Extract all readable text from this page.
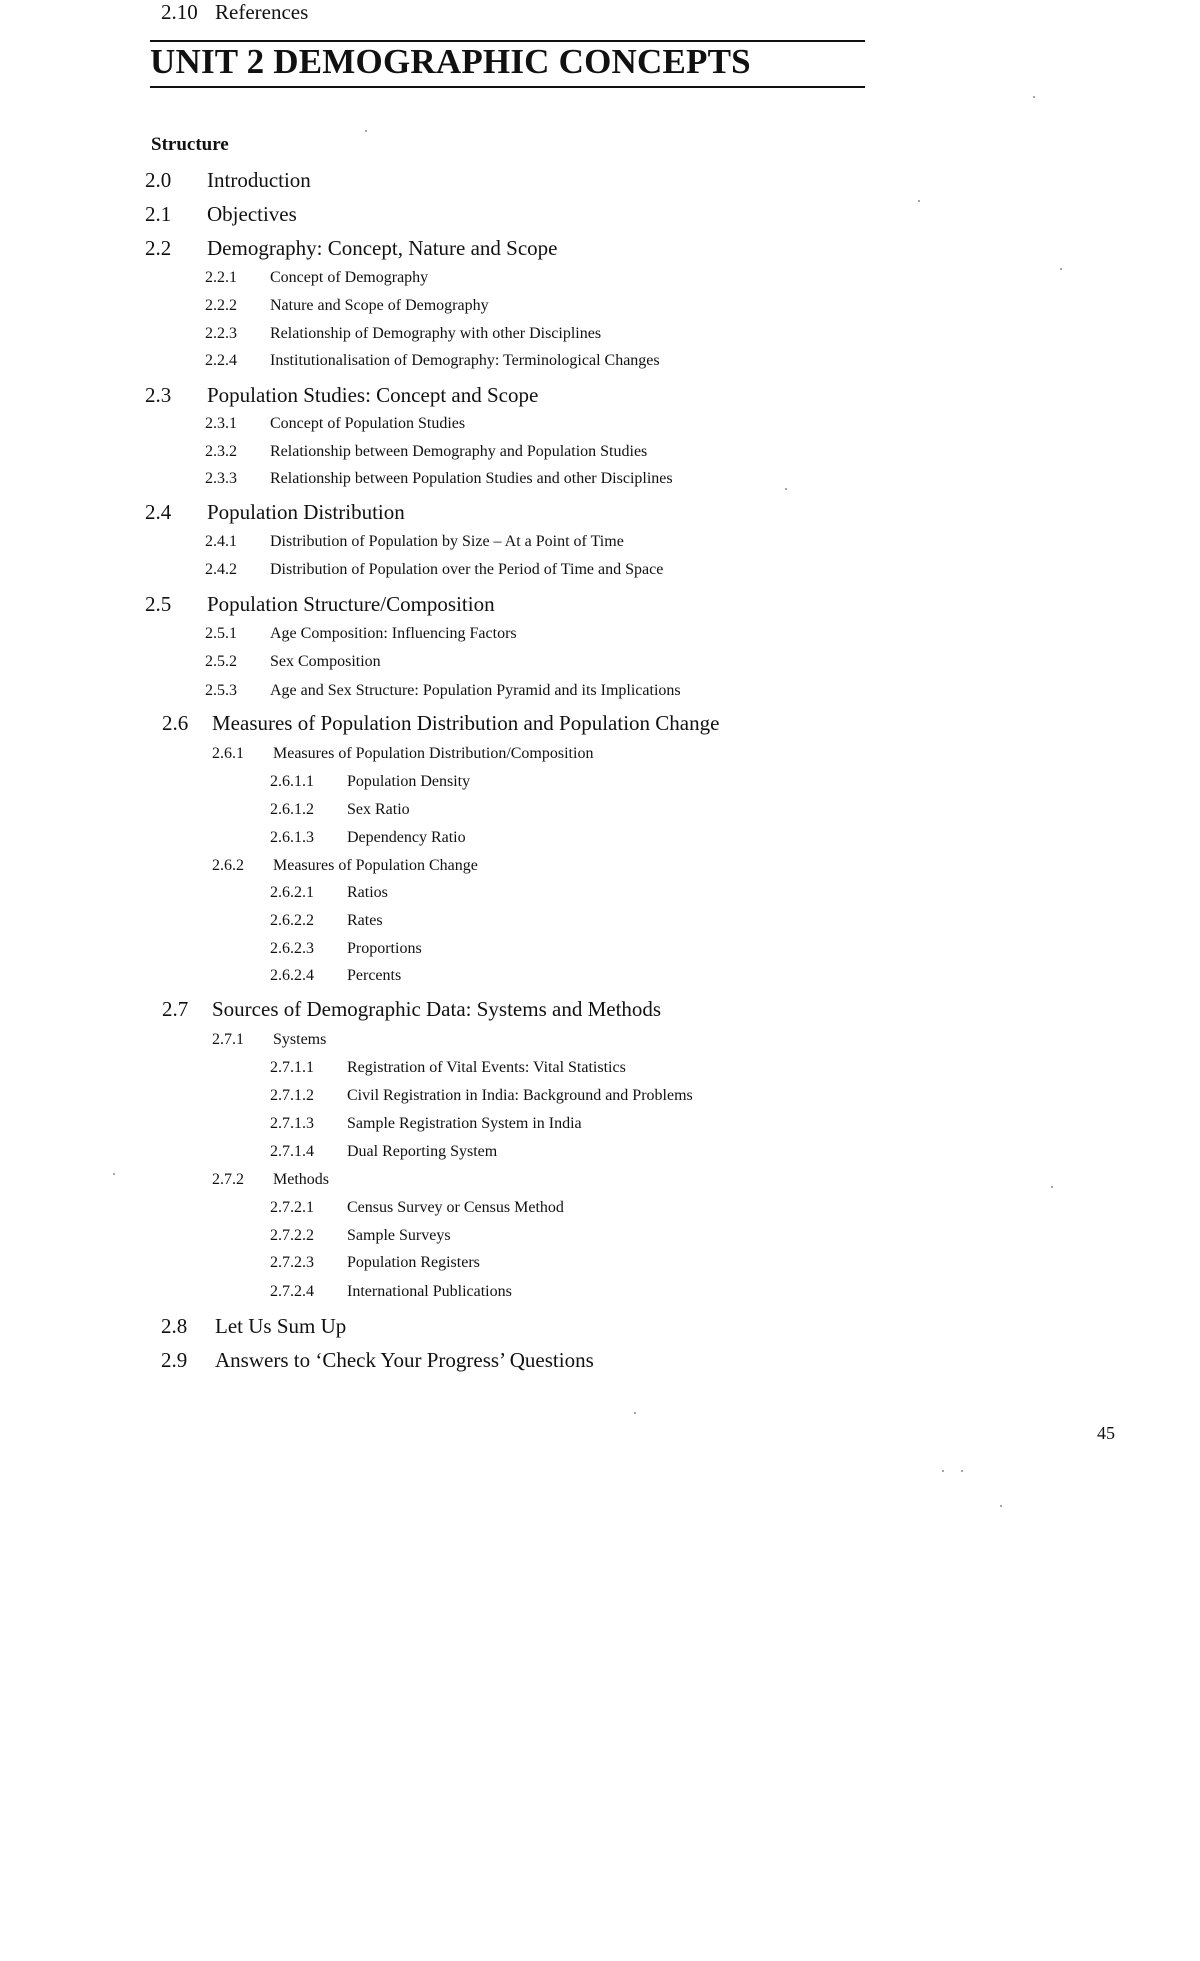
UNIT 2 DEMOGRAPHIC CONCEPTS
Structure
2.0 Introduction
2.1 Objectives
2.2 Demography: Concept, Nature and Scope
2.2.1 Concept of Demography
2.2.2 Nature and Scope of Demography
2.2.3 Relationship of Demography with other Disciplines
2.2.4 Institutionalisation of Demography: Terminological Changes
2.3 Population Studies: Concept and Scope
2.3.1 Concept of Population Studies
2.3.2 Relationship between Demography and Population Studies
2.3.3 Relationship between Population Studies and other Disciplines
2.4 Population Distribution
2.4.1 Distribution of Population by Size – At a Point of Time
2.4.2 Distribution of Population over the Period of Time and Space
2.5 Population Structure/Composition
2.5.1 Age Composition: Influencing Factors
2.5.2 Sex Composition
2.5.3 Age and Sex Structure: Population Pyramid and its Implications
2.6 Measures of Population Distribution and Population Change
2.6.1 Measures of Population Distribution/Composition
2.6.1.1 Population Density
2.6.1.2 Sex Ratio
2.6.1.3 Dependency Ratio
2.6.2 Measures of Population Change
2.6.2.1 Ratios
2.6.2.2 Rates
2.6.2.3 Proportions
2.6.2.4 Percents
2.7 Sources of Demographic Data: Systems and Methods
2.7.1 Systems
2.7.1.1 Registration of Vital Events: Vital Statistics
2.7.1.2 Civil Registration in India: Background and Problems
2.7.1.3 Sample Registration System in India
2.7.1.4 Dual Reporting System
2.7.2 Methods
2.7.2.1 Census Survey or Census Method
2.7.2.2 Sample Surveys
2.7.2.3 Population Registers
2.7.2.4 International Publications
2.8 Let Us Sum Up
2.9 Answers to ‘Check Your Progress’ Questions
2.10 References
45
